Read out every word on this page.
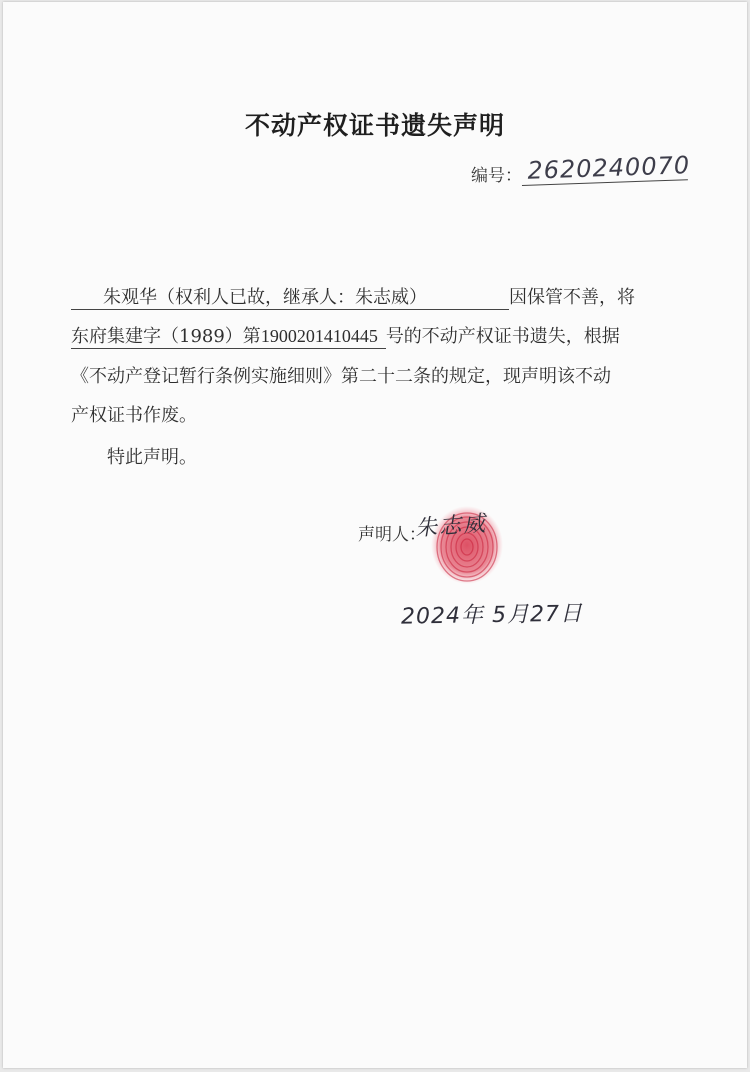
不动产权证书遗失声明
编号： 2620240070
朱观华（权利人已故，继承人：朱志威）	因保管不善，将
东府集建字（1989）第1900201410445 号的不动产权证书遗失，根据
《不动产登记暂行条例实施细则》第二十二条的规定，现声明该不动
产权证书作废。
特此声明。
声明人：
朱志威
2024年 5月27日
